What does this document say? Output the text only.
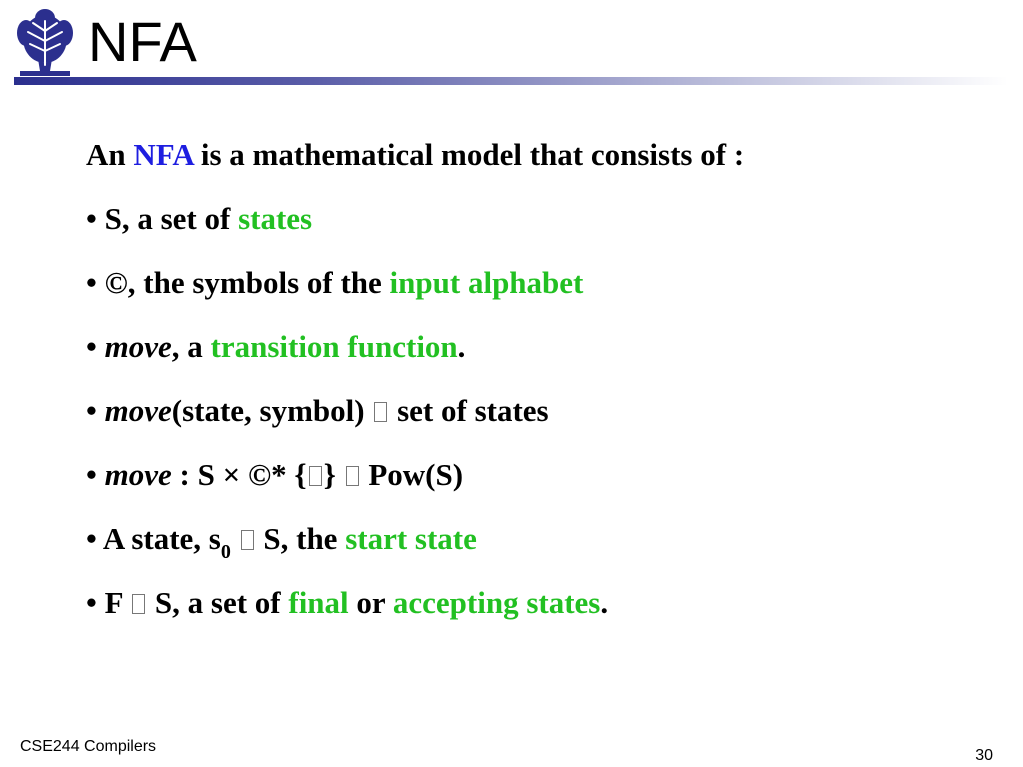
NFA
An NFA is a mathematical model that consists of :
• S, a set of states
• ©, the symbols of the input alphabet
• move, a transition function.
• move(state, symbol)  set of states
• move : S × ©* { }  Pow(S)
• A state, $s_0$  S, the start state
• F  S, a set of final or accepting states.
CSE244 Compilers
30
